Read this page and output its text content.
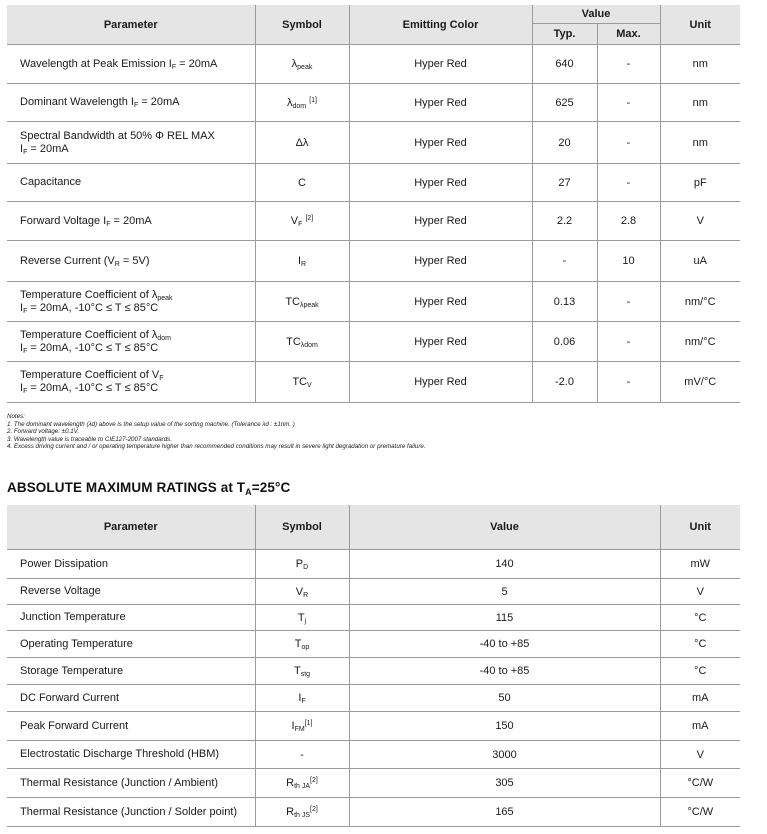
Parameter	Symbol	Emitting Color	Value		Unit
			Typ.	Max.	
Wavelength at Peak Emission $I_F = 20mA$	$\lambda_{peak}$	Hyper Red	640	-	nm
Dominant Wavelength $I_F = 20mA$	$\lambda_{dom}$ [1]	Hyper Red	625	-	nm
Spectral Bandwidth at 50% Φ REL MAX
$I_F = 20mA$	Δλ	Hyper Red	20	-	nm
Capacitance	C	Hyper Red	27	-	pF
Forward Voltage $I_F = 20mA$	$V_F$ [2]	Hyper Red	2.2	2.8	V
Reverse Current $(V_R = 5V)$	$I_R$	Hyper Red	-	10	uA
Temperature Coefficient of $\lambda_{peak}$
$I_F = 20mA$, -10°C ≤ T ≤ 85°C	$TC_{\lambda peak}$	Hyper Red	0.13	-	nm/°C
Temperature Coefficient of $\lambda_{dom}$
$I_F = 20mA$, -10°C ≤ T ≤ 85°C	$TC_{\lambda dom}$	Hyper Red	0.06	-	nm/°C
Temperature Coefficient of $V_F$
$I_F = 20mA$, -10°C ≤ T ≤ 85°C	$TC_V$	Hyper Red	-2.0	-	mV/°C
Notes:
1. The dominant wavelength (λd) above is the setup value of the sorting machine. (Tolerance λd : ±1nm. )
2. Forward voltage: ±0.1V.
3. Wavelength value is traceable to CIE127-2007 standards.
4. Excess driving current and / or operating temperature higher than recommended conditions may result in severe light degradation or premature failure.
ABSOLUTE MAXIMUM RATINGS at $T_A=25^\circ C$
Parameter	Symbol	Value	Unit
Power Dissipation	$P_D$	140	mW
Reverse Voltage	$V_R$	5	V
Junction Temperature	$T_j$	115	°C
Operating Temperature	$T_{op}$	-40 to +85	°C
Storage Temperature	$T_{stg}$	-40 to +85	°C
DC Forward Current	$I_F$	50	mA
Peak Forward Current	$I_{FM}[1]$	150	mA
Electrostatic Discharge Threshold (HBM)	-	3000	V
Thermal Resistance (Junction / Ambient)	$R_{th JA}[2]$	305	°C/W
Thermal Resistance (Junction / Solder point)	$R_{th JS}[2]$	165	°C/W
